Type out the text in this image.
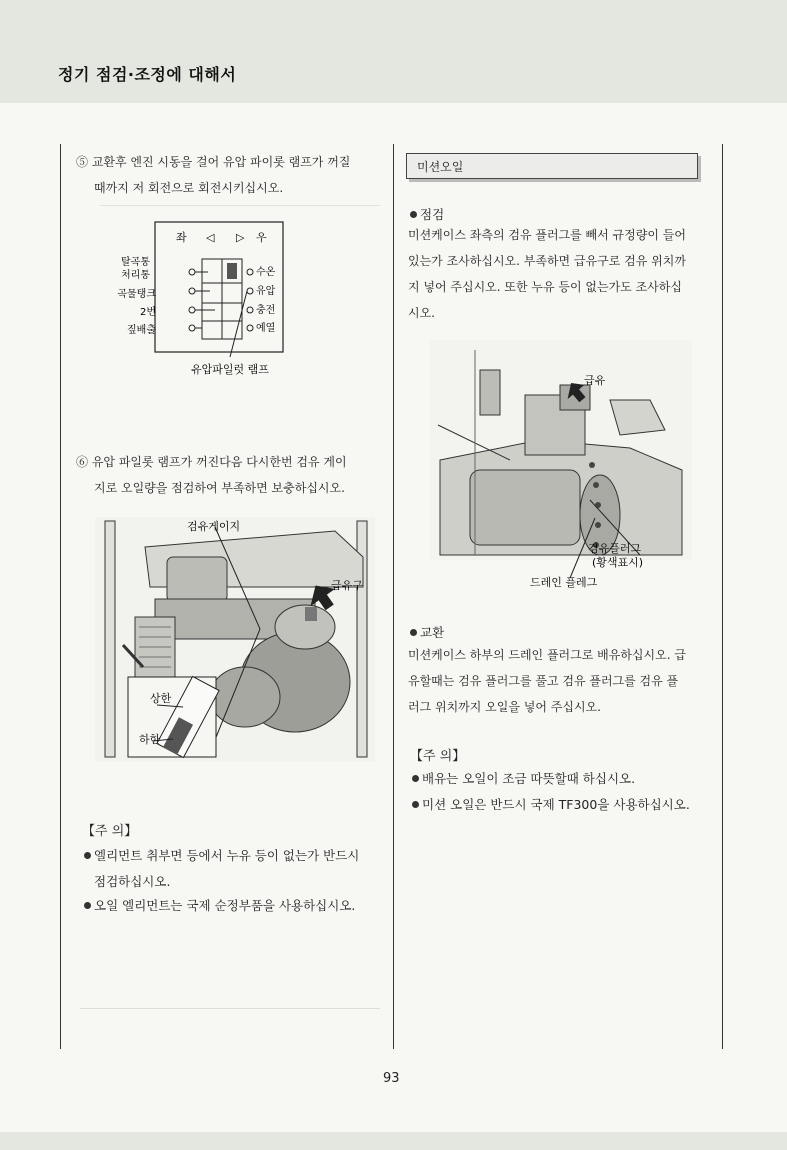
정기 점검·조정에 대해서
⑤ 교환후 엔진 시동을 걸어 유압 파이롯 램프가 꺼질
때까지 저 회전으로 회전시키십시오.
좌 ◁ ▷ 우
탈곡통
처리통
곡물탱크
2번
짚배출
수온
유압
충전
예열
유압파일럿 램프
⑥ 유압 파일롯 램프가 꺼진다음 다시한번 검유 게이
지로 오일량을 점검하여 부족하면 보충하십시오.
검유게이지
급유구
상한
하한
【주 의】
엘리먼트 취부면 등에서 누유 등이 없는가 반드시
점검하십시오.
오일 엘리먼트는 국제 순정부품을 사용하십시오.
미션오일
점검
미션케이스 좌측의 검유 플러그를 빼서 규정량이 들어
있는가 조사하십시오. 부족하면 급유구로 검유 위치까
지 넣어 주십시오. 또한 누유 등이 없는가도 조사하십
시오.
급유
검유플러그
(황색표시)
드레인 플레그
교환
미션케이스 하부의 드레인 플러그로 배유하십시오. 급
유할때는 검유 플러그를 풀고 검유 플러그를 검유 플
러그 위치까지 오일을 넣어 주십시오.
【주 의】
배유는 오일이 조금 따뜻할때 하십시오.
미션 오일은 반드시 국제 TF300을 사용하십시오.
93
